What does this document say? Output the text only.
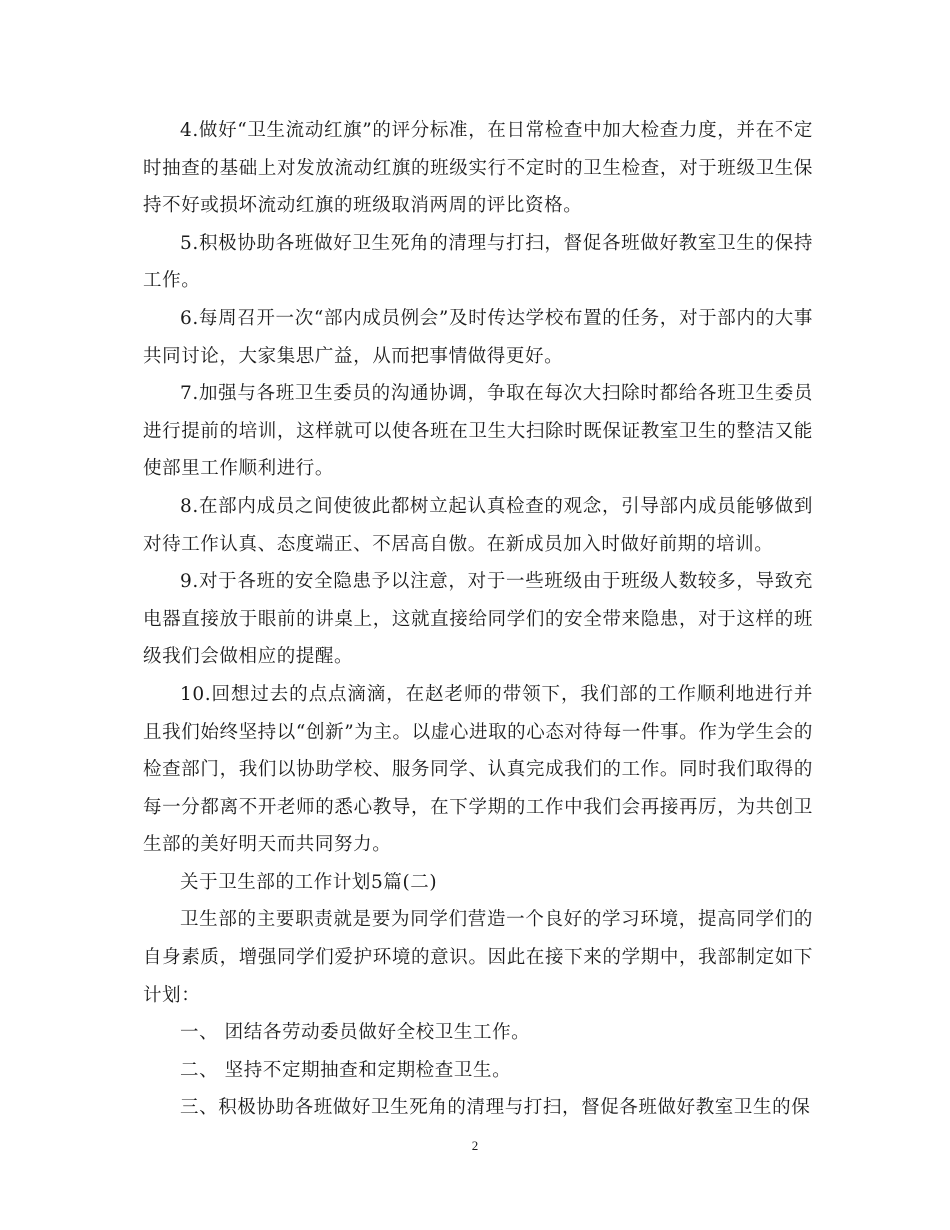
4.做好“卫生流动红旗”的评分标准，在日常检查中加大检查力度，并在不定时抽查的基础上对发放流动红旗的班级实行不定时的卫生检查，对于班级卫生保持不好或损坏流动红旗的班级取消两周的评比资格。

5.积极协助各班做好卫生死角的清理与打扫，督促各班做好教室卫生的保持工作。

6.每周召开一次“部内成员例会”及时传达学校布置的任务，对于部内的大事共同讨论，大家集思广益，从而把事情做得更好。

7.加强与各班卫生委员的沟通协调，争取在每次大扫除时都给各班卫生委员进行提前的培训，这样就可以使各班在卫生大扫除时既保证教室卫生的整洁又能使部里工作顺利进行。

8.在部内成员之间使彼此都树立起认真检查的观念，引导部内成员能够做到对待工作认真、态度端正、不居高自傲。在新成员加入时做好前期的培训。

9.对于各班的安全隐患予以注意，对于一些班级由于班级人数较多，导致充电器直接放于眼前的讲桌上，这就直接给同学们的安全带来隐患，对于这样的班级我们会做相应的提醒。

10.回想过去的点点滴滴，在赵老师的带领下，我们部的工作顺利地进行并且我们始终坚持以“创新”为主。以虚心进取的心态对待每一件事。作为学生会的检查部门，我们以协助学校、服务同学、认真完成我们的工作。同时我们取得的每一分都离不开老师的悉心教导，在下学期的工作中我们会再接再厉，为共创卫生部的美好明天而共同努力。

关于卫生部的工作计划5篇(二)

卫生部的主要职责就是要为同学们营造一个良好的学习环境，提高同学们的自身素质，增强同学们爱护环境的意识。因此在接下来的学期中，我部制定如下计划：

一、 团结各劳动委员做好全校卫生工作。

二、 坚持不定期抽查和定期检查卫生。

三、积极协助各班做好卫生死角的清理与打扫，督促各班做好教室卫生的保

2
